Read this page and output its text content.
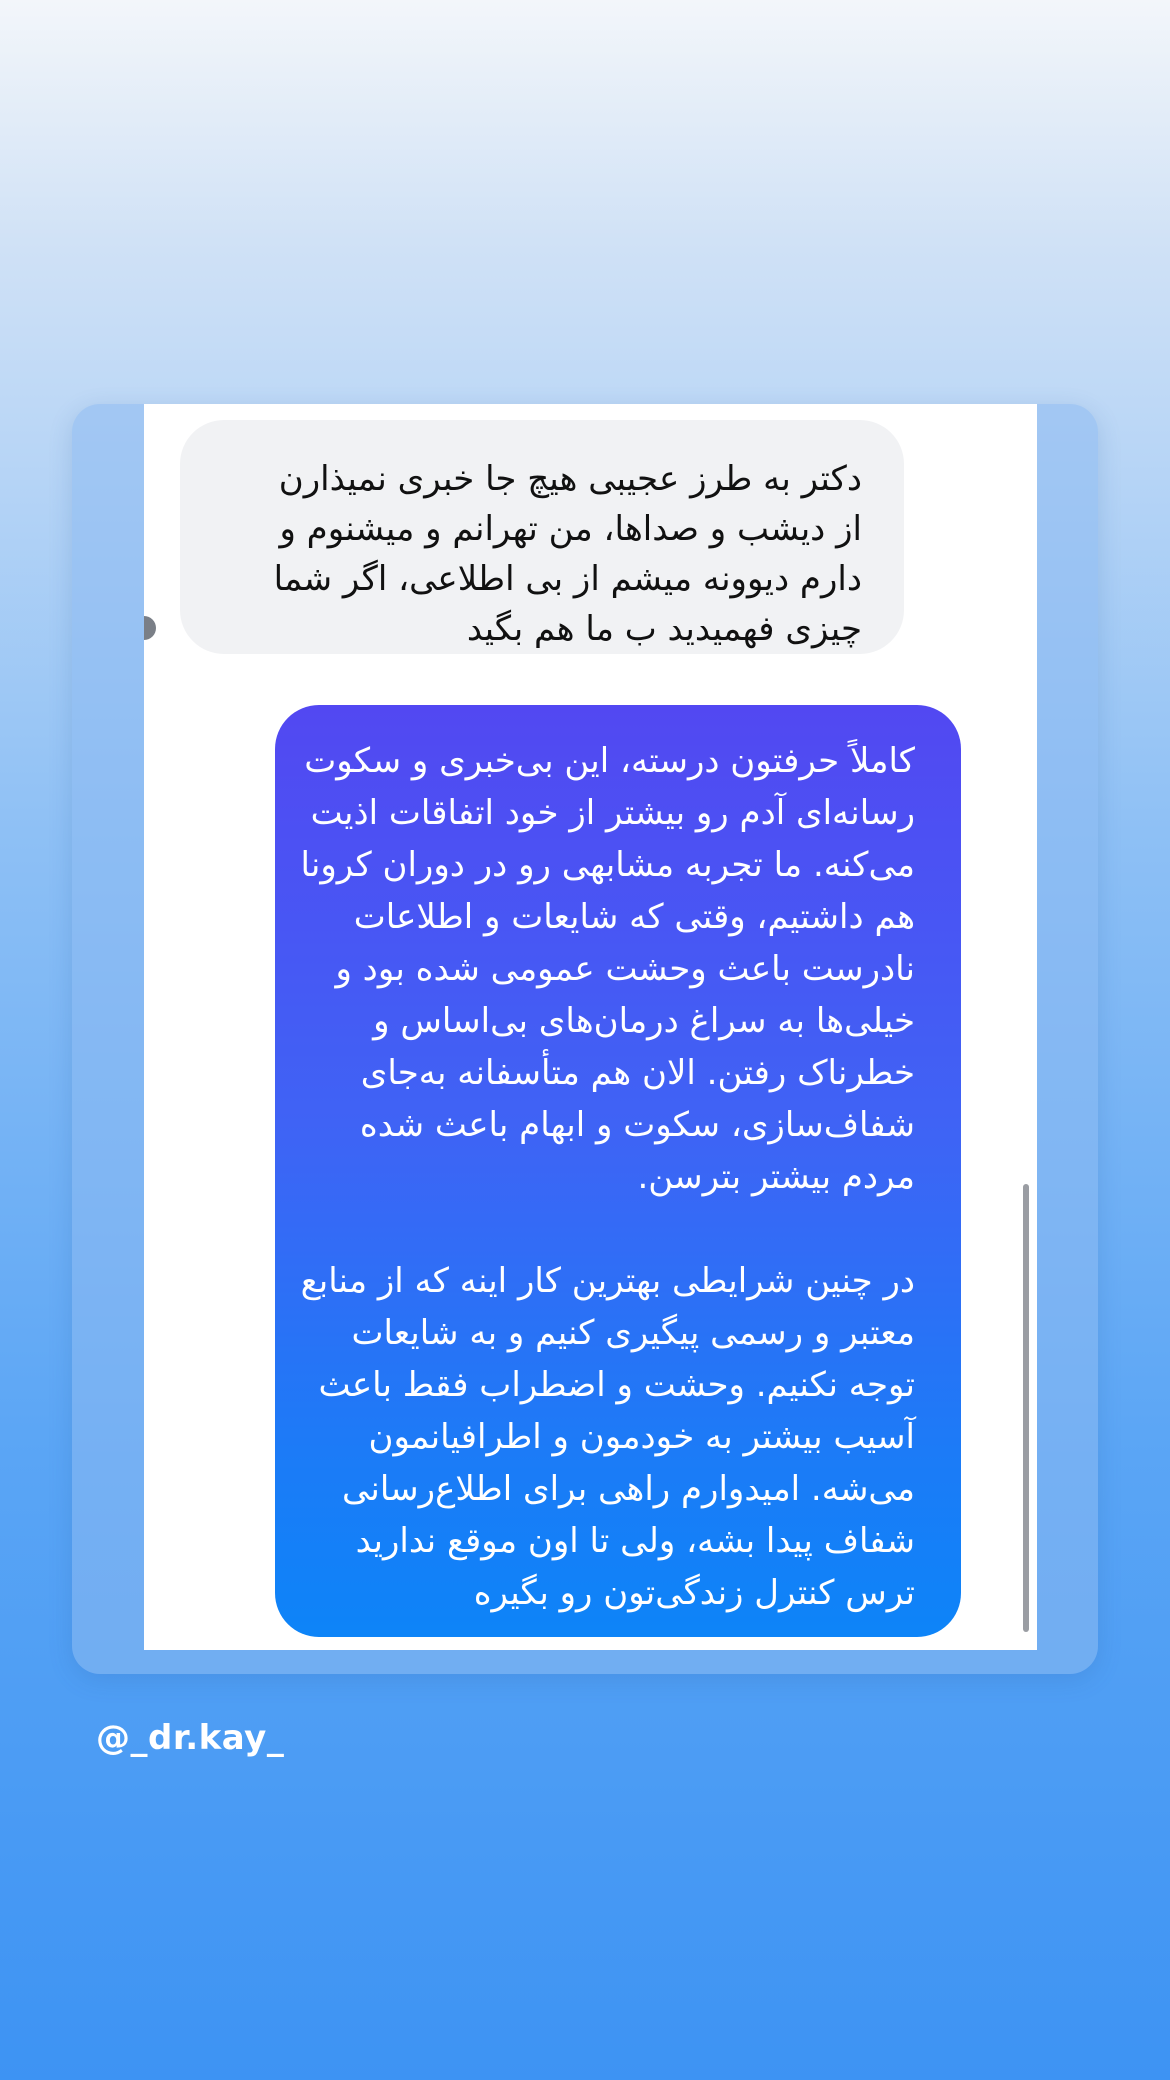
دکتر به طرز عجیبی هیچ جا خبری نمیذارن
از دیشب و صداها، من تهرانم و میشنوم و
دارم دیوونه میشم از بی اطلاعی، اگر شما
چیزی فهمیدید ب ما هم بگید
کاملاً حرفتون درسته، این بی‌خبری و سکوت
رسانه‌ای آدم رو بیشتر از خود اتفاقات اذیت
می‌کنه. ما تجربه مشابهی رو در دوران کرونا
هم داشتیم، وقتی که شایعات و اطلاعات
نادرست باعث وحشت عمومی شده بود و
خیلی‌ها به سراغ درمان‌های بی‌اساس و
خطرناک رفتن. الان هم متأسفانه به‌جای
شفاف‌سازی، سکوت و ابهام باعث شده
مردم بیشتر بترسن.

در چنین شرایطی بهترین کار اینه که از منابع
معتبر و رسمی پیگیری کنیم و به شایعات
توجه نکنیم. وحشت و اضطراب فقط باعث
آسیب بیشتر به خودمون و اطرافیانمون
می‌شه. امیدوارم راهی برای اطلاع‌رسانی
شفاف پیدا بشه، ولی تا اون موقع ندارید
ترس کنترل زندگی‌تون رو بگیره
@_dr.kay_
